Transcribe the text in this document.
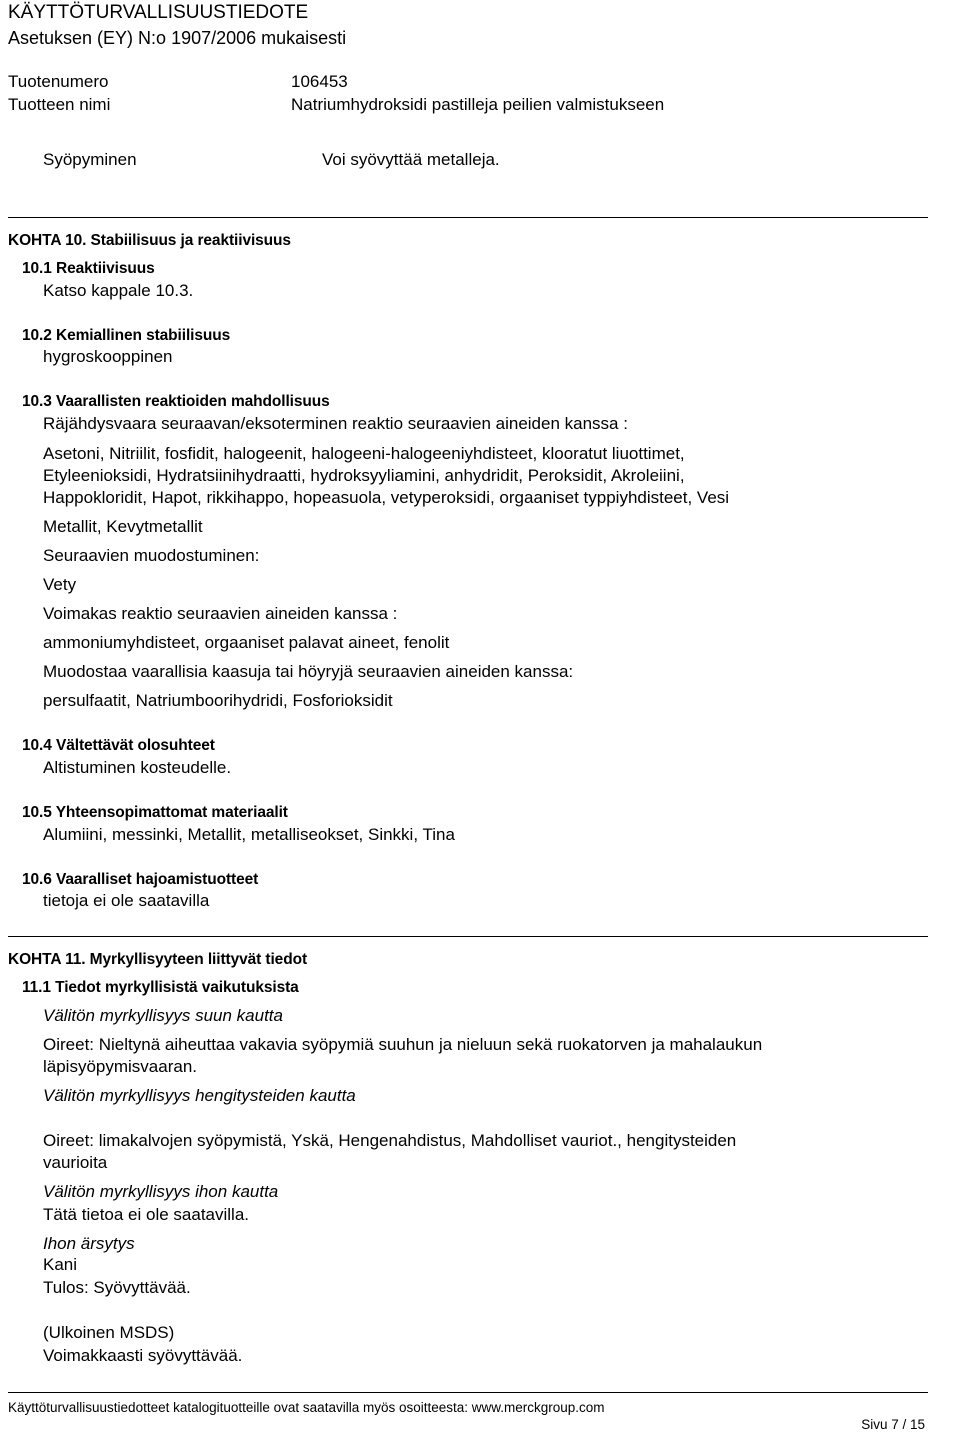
KÄYTTÖTURVALLISUUSTIEDOTE
Asetuksen (EY) N:o 1907/2006 mukaisesti
Tuotenumero	106453
Tuotteen nimi	Natriumhydroksidi pastilleja peilien valmistukseen
Syöpyminen	Voi syövyttää metalleja.
KOHTA 10. Stabiilisuus ja reaktiivisuus
10.1 Reaktiivisuus
Katso kappale 10.3.
10.2 Kemiallinen stabiilisuus
hygroskooppinen
10.3 Vaarallisten reaktioiden mahdollisuus
Räjähdysvaara seuraavan/eksoterminen reaktio seuraavien aineiden kanssa :
Asetoni, Nitriilit, fosfidit, halogeenit, halogeeni-halogeeniyhdisteet, klooratut liuottimet,
Etyleenioksidi, Hydratsiinihydraatti, hydroksyyliamini, anhydridit, Peroksidit, Akroleiini,
Happokloridit, Hapot, rikkihappo, hopeasuola, vetyperoksidi, orgaaniset typpiyhdisteet, Vesi
Metallit, Kevytmetallit
Seuraavien muodostuminen:
Vety
Voimakas reaktio seuraavien aineiden kanssa :
ammoniumyhdisteet, orgaaniset palavat aineet, fenolit
Muodostaa vaarallisia kaasuja tai höyryjä seuraavien aineiden kanssa:
persulfaatit, Natriumboorihydridi, Fosforioksidit
10.4 Vältettävät olosuhteet
Altistuminen kosteudelle.
10.5 Yhteensopimattomat materiaalit
Alumiini, messinki, Metallit, metalliseokset, Sinkki, Tina
10.6 Vaaralliset hajoamistuotteet
tietoja ei ole saatavilla
KOHTA 11. Myrkyllisyyteen liittyvät tiedot
11.1 Tiedot myrkyllisistä vaikutuksista
Välitön myrkyllisyys suun kautta
Oireet: Nieltynä aiheuttaa vakavia syöpymiä suuhun ja nieluun sekä ruokatorven ja mahalaukun
läpisyöpymisvaaran.
Välitön myrkyllisyys hengitysteiden kautta
Oireet: limakalvojen syöpymistä, Yskä, Hengenahdistus, Mahdolliset vauriot., hengitysteiden
vaurioita
Välitön myrkyllisyys ihon kautta
Tätä tietoa ei ole saatavilla.
Ihon ärsytys
Kani
Tulos: Syövyttävää.
(Ulkoinen MSDS)
Voimakkaasti syövyttävää.
Käyttöturvallisuustiedotteet katalogituotteille ovat saatavilla myös osoitteesta: www.merckgroup.com
Sivu 7 / 15
